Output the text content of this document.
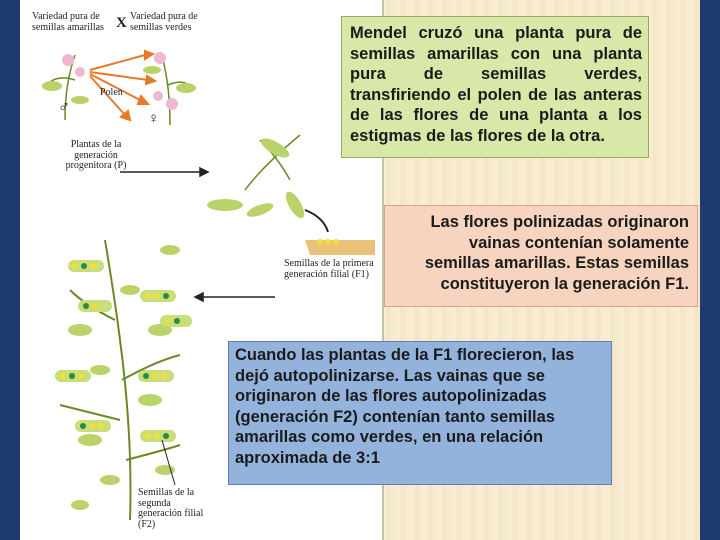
Variedad pura de semillas amarillas X Variedad pura de semillas verdes
Polen
♂
♀
Plantas de la generación progenitora (P)
Semillas de la primera generación filial (F1)
Semillas de la segunda generación filial (F2)
Mendel cruzó una planta pura de
semillas amarillas con una planta
pura de semillas verdes,
transfiriendo el polen de las anteras
de las flores de una planta a los
estigmas de las flores de la otra.
Las flores polinizadas originaron
vainas contenían solamente
semillas amarillas. Estas semillas
constituyeron la generación F1.
Cuando las plantas de la F1 florecieron, las
dejó autopolinizarse. Las vainas que se
originaron de las flores autopolinizadas
(generación F2) contenían tanto semillas
amarillas como verdes, en una relación
aproximada de 3:1
